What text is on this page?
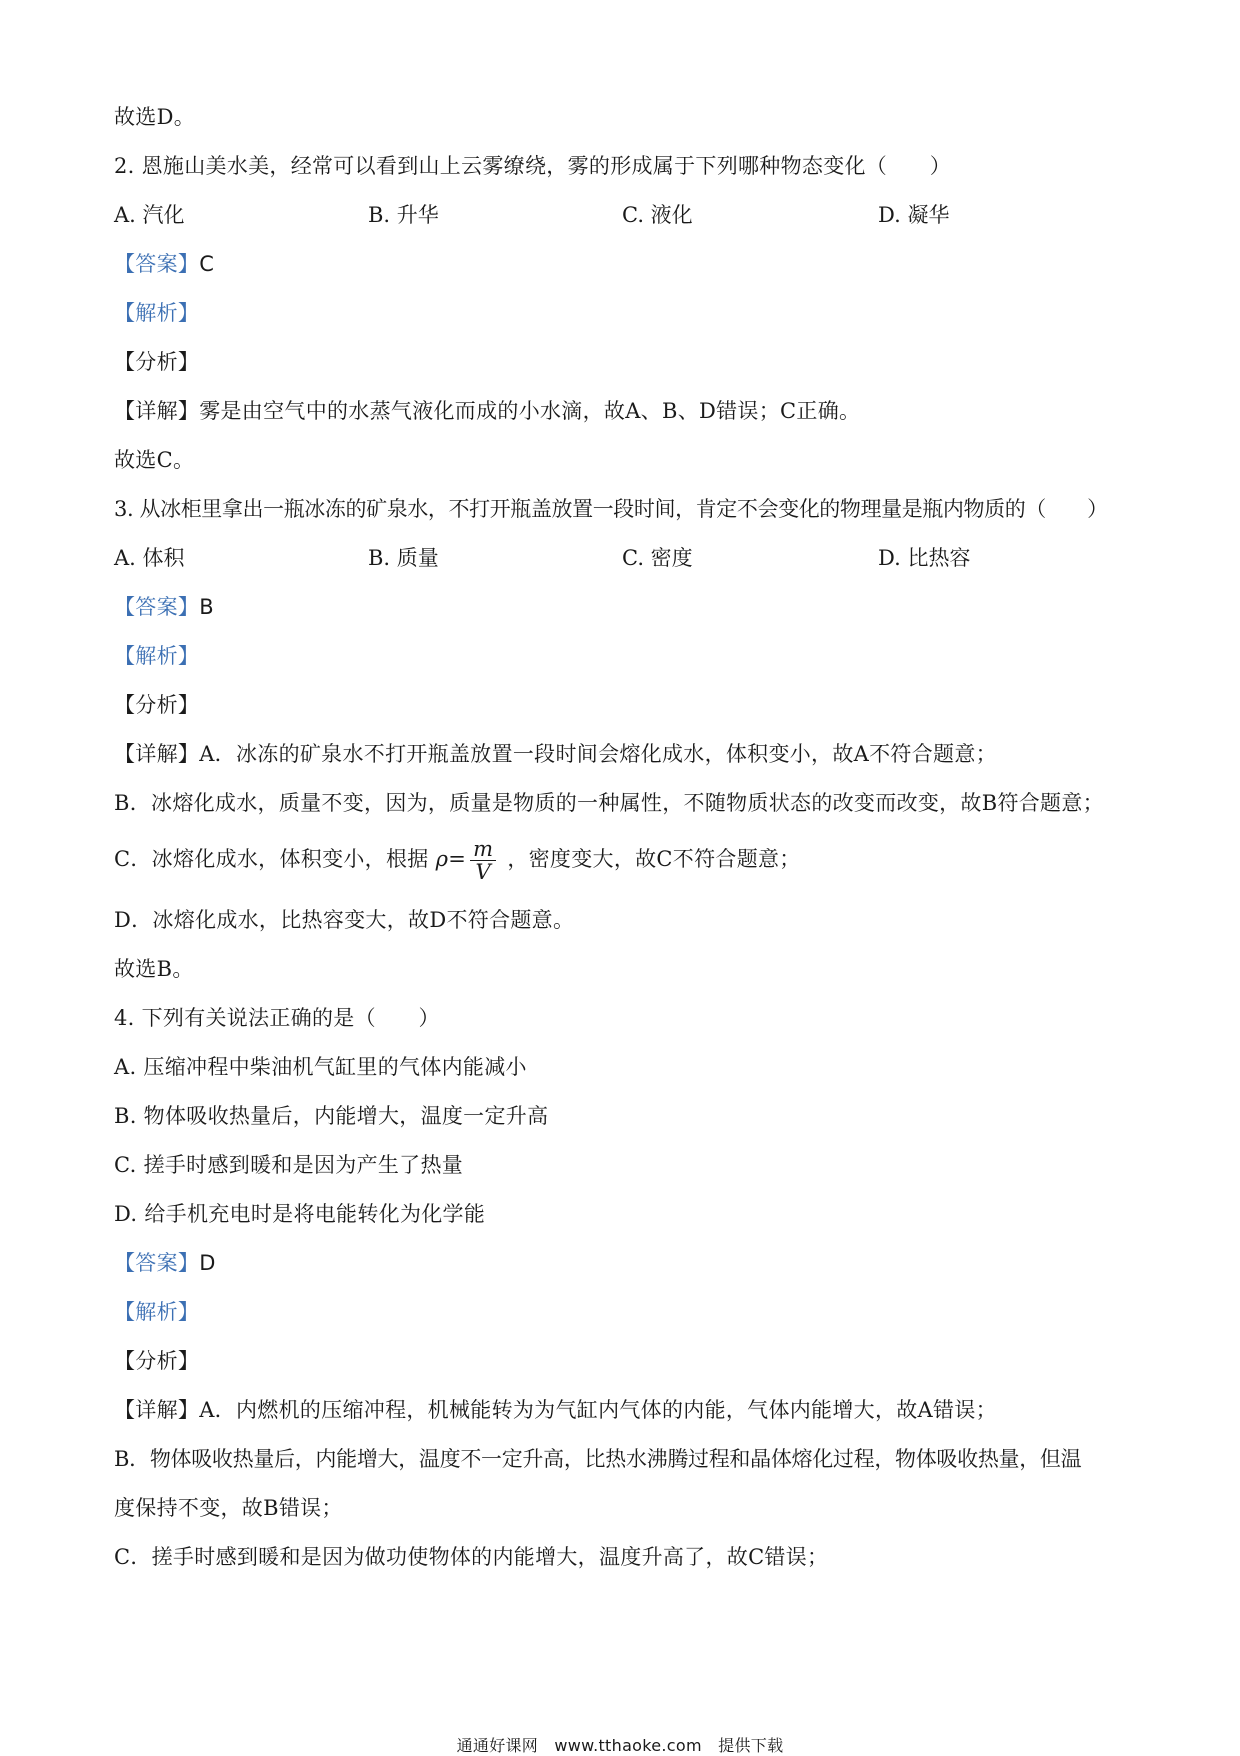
故选D。
2. 恩施山美水美，经常可以看到山上云雾缭绕，雾的形成属于下列哪种物态变化（　　）
A. 汽化	B. 升华	C. 液化	D. 凝华
【答案】C
【解析】
【分析】
【详解】雾是由空气中的水蒸气液化而成的小水滴，故A、B、D错误；C正确。
故选C。
3. 从冰柜里拿出一瓶冰冻的矿泉水，不打开瓶盖放置一段时间，肯定不会变化的物理量是瓶内物质的（　　）
A. 体积	B. 质量	C. 密度	D. 比热容
【答案】B
【解析】
【分析】
【详解】A．冰冻的矿泉水不打开瓶盖放置一段时间会熔化成水，体积变小，故A不符合题意；
B．冰熔化成水，质量不变，因为，质量是物质的一种属性，不随物质状态的改变而改变，故B符合题意；
C．冰熔化成水，体积变小，根据 $\rho= \frac{m}{V}$ ，密度变大，故C不符合题意；
D．冰熔化成水，比热容变大，故D不符合题意。
故选B。
4. 下列有关说法正确的是（　　）
A. 压缩冲程中柴油机气缸里的气体内能减小
B. 物体吸收热量后，内能增大，温度一定升高
C. 搓手时感到暖和是因为产生了热量
D. 给手机充电时是将电能转化为化学能
【答案】D
【解析】
【分析】
【详解】A．内燃机的压缩冲程，机械能转为为气缸内气体的内能，气体内能增大，故A错误；
B．物体吸收热量后，内能增大，温度不一定升高，比热水沸腾过程和晶体熔化过程，物体吸收热量，但温
度保持不变，故B错误；
C．搓手时感到暖和是因为做功使物体的内能增大，温度升高了，故C错误；
通通好课网　www.tthaoke.com　提供下载
